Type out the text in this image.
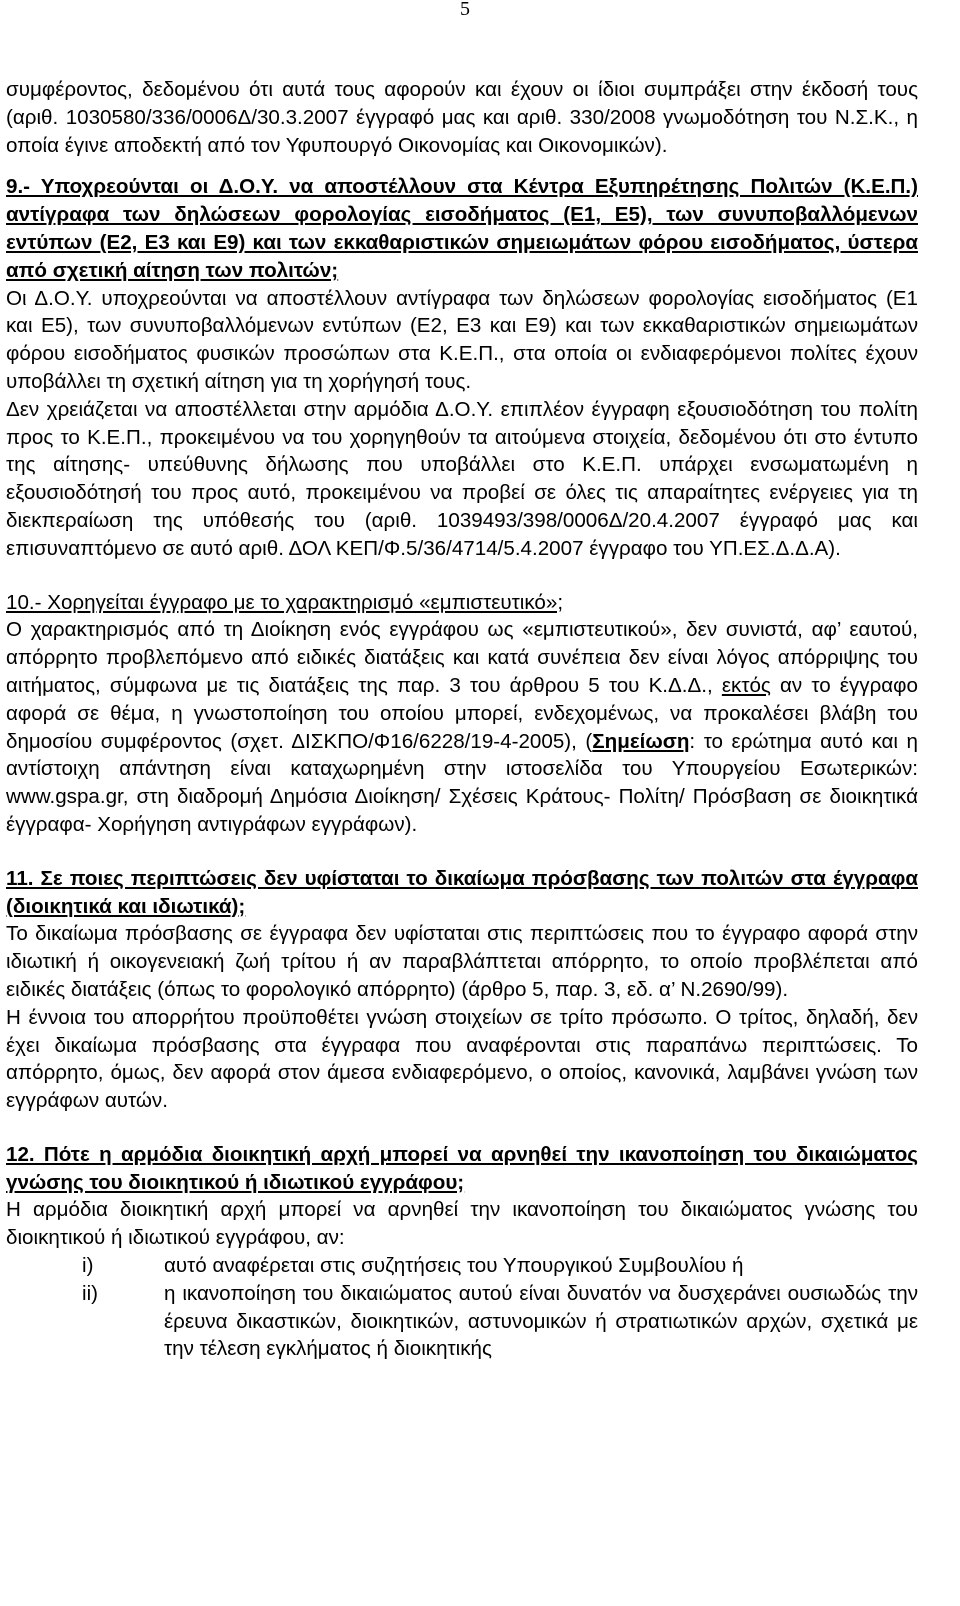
5

συμφέροντος, δεδομένου ότι αυτά τους αφορούν και έχουν οι ίδιοι συμπράξει στην έκδοσή τους (αριθ. 1030580/336/0006Δ/30.3.2007 έγγραφό μας και αριθ. 330/2008 γνωμοδότηση του Ν.Σ.Κ., η οποία έγινε αποδεκτή από τον Υφυπουργό Οικονομίας και Οικονομικών).

9.- Υποχρεούνται οι Δ.Ο.Υ. να αποστέλλουν στα Κέντρα Εξυπηρέτησης Πολιτών (Κ.Ε.Π.) αντίγραφα των δηλώσεων φορολογίας εισοδήματος (Ε1, Ε5), των συνυποβαλλόμενων εντύπων (Ε2, Ε3 και Ε9) και των εκκαθαριστικών σημειωμάτων φόρου εισοδήματος, ύστερα από σχετική αίτηση των πολιτών;

Οι Δ.Ο.Υ. υποχρεούνται να αποστέλλουν αντίγραφα των δηλώσεων φορολογίας εισοδήματος (Ε1 και Ε5), των συνυποβαλλόμενων εντύπων (Ε2, Ε3 και Ε9) και των εκκαθαριστικών σημειωμάτων φόρου εισοδήματος φυσικών προσώπων στα Κ.Ε.Π., στα οποία οι ενδιαφερόμενοι πολίτες έχουν υποβάλλει τη σχετική αίτηση για τη χορήγησή τους.

Δεν χρειάζεται να αποστέλλεται στην αρμόδια Δ.Ο.Υ. επιπλέον έγγραφη εξουσιοδότηση του πολίτη προς το Κ.Ε.Π., προκειμένου να του χορηγηθούν τα αιτούμενα στοιχεία, δεδομένου ότι στο έντυπο της αίτησης- υπεύθυνης δήλωσης που υποβάλλει στο Κ.Ε.Π. υπάρχει ενσωματωμένη η εξουσιοδότησή του προς αυτό, προκειμένου να προβεί σε όλες τις απαραίτητες ενέργειες για τη διεκπεραίωση της υπόθεσής του (αριθ. 1039493/398/0006Δ/20.4.2007 έγγραφό μας και επισυναπτόμενο σε αυτό αριθ. ΔΟΛ ΚΕΠ/Φ.5/36/4714/5.4.2007 έγγραφο του ΥΠ.ΕΣ.Δ.Δ.Α).

10.- Χορηγείται έγγραφο με το χαρακτηρισμό «εμπιστευτικό»;

Ο χαρακτηρισμός από τη Διοίκηση ενός εγγράφου ως «εμπιστευτικού», δεν συνιστά, αφ’ εαυτού, απόρρητο προβλεπόμενο από ειδικές διατάξεις και κατά συνέπεια δεν είναι λόγος απόρριψης του αιτήματος, σύμφωνα με τις διατάξεις της παρ. 3 του άρθρου 5 του Κ.Δ.Δ., εκτός αν το έγγραφο αφορά σε θέμα, η γνωστοποίηση του οποίου μπορεί, ενδεχομένως, να προκαλέσει βλάβη του δημοσίου συμφέροντος (σχετ. ΔΙΣΚΠΟ/Φ16/6228/19-4-2005), (Σημείωση: το ερώτημα αυτό και η αντίστοιχη απάντηση είναι καταχωρημένη στην ιστοσελίδα του Υπουργείου Εσωτερικών: www.gspa.gr, στη διαδρομή Δημόσια Διοίκηση/ Σχέσεις Κράτους- Πολίτη/ Πρόσβαση σε διοικητικά έγγραφα- Χορήγηση αντιγράφων εγγράφων).

11. Σε ποιες περιπτώσεις δεν υφίσταται το δικαίωμα πρόσβασης των πολιτών στα έγγραφα (διοικητικά και ιδιωτικά);

Το δικαίωμα πρόσβασης σε έγγραφα δεν υφίσταται στις περιπτώσεις που το έγγραφο αφορά στην ιδιωτική ή οικογενειακή ζωή τρίτου ή αν παραβλάπτεται απόρρητο, το οποίο προβλέπεται από ειδικές διατάξεις (όπως το φορολογικό απόρρητο) (άρθρο 5, παρ. 3, εδ. α’ Ν.2690/99).

Η έννοια του απορρήτου προϋποθέτει γνώση στοιχείων σε τρίτο πρόσωπο. Ο τρίτος, δηλαδή, δεν έχει δικαίωμα πρόσβασης στα έγγραφα που αναφέρονται στις παραπάνω περιπτώσεις. Το απόρρητο, όμως, δεν αφορά στον άμεσα ενδιαφερόμενο, ο οποίος, κανονικά, λαμβάνει γνώση των εγγράφων αυτών.

12. Πότε η αρμόδια διοικητική αρχή μπορεί να αρνηθεί την ικανοποίηση του δικαιώματος γνώσης του διοικητικού ή ιδιωτικού εγγράφου;

Η αρμόδια διοικητική αρχή μπορεί να αρνηθεί την ικανοποίηση του δικαιώματος γνώσης του διοικητικού ή ιδιωτικού εγγράφου, αν:

i)	αυτό αναφέρεται στις συζητήσεις του Υπουργικού Συμβουλίου ή
ii)	η ικανοποίηση του δικαιώματος αυτού είναι δυνατόν να δυσχεράνει ουσιωδώς την έρευνα δικαστικών, διοικητικών, αστυνομικών ή στρατιωτικών αρχών, σχετικά με την τέλεση εγκλήματος ή διοικητικής
